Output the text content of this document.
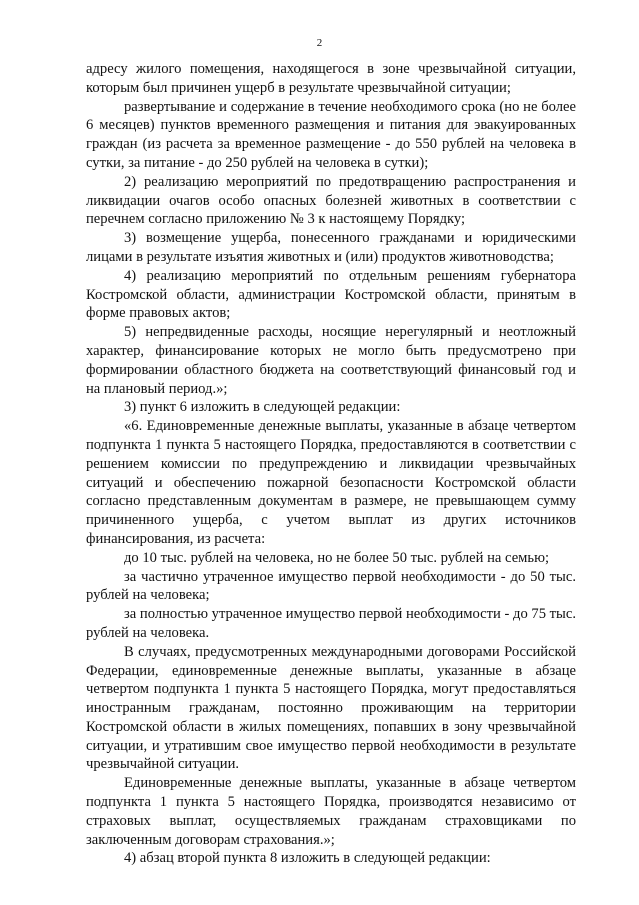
2

адресу жилого помещения, находящегося в зоне чрезвычайной ситуации, которым был причинен ущерб в результате чрезвычайной ситуации;

развертывание и содержание в течение необходимого срока (но не более 6 месяцев) пунктов временного размещения и питания для эвакуированных граждан (из расчета за временное размещение - до 550 рублей на человека в сутки, за питание - до 250 рублей на человека в сутки);

2) реализацию мероприятий по предотвращению распространения и ликвидации очагов особо опасных болезней животных в соответствии с перечнем согласно приложению № 3 к настоящему Порядку;

3) возмещение ущерба, понесенного гражданами и юридическими лицами в результате изъятия животных и (или) продуктов животноводства;

4) реализацию мероприятий по отдельным решениям губернатора Костромской области, администрации Костромской области, принятым в форме правовых актов;

5) непредвиденные расходы, носящие нерегулярный и неотложный характер, финансирование которых не могло быть предусмотрено при формировании областного бюджета на соответствующий финансовый год и на плановый период.»;

3) пункт 6 изложить в следующей редакции:

«6. Единовременные денежные выплаты, указанные в абзаце четвертом подпункта 1 пункта 5 настоящего Порядка, предоставляются в соответствии с решением комиссии по предупреждению и ликвидации чрезвычайных ситуаций и обеспечению пожарной безопасности Костромской области согласно представленным документам в размере, не превышающем сумму причиненного ущерба, с учетом выплат из других источников финансирования, из расчета:

до 10 тыс. рублей на человека, но не более 50 тыс. рублей на семью;

за частично утраченное имущество первой необходимости - до 50 тыс. рублей на человека;

за полностью утраченное имущество первой необходимости - до 75 тыс. рублей на человека.

В случаях, предусмотренных международными договорами Российской Федерации, единовременные денежные выплаты, указанные в абзаце четвертом подпункта 1 пункта 5 настоящего Порядка, могут предоставляться иностранным гражданам, постоянно проживающим на территории Костромской области в жилых помещениях, попавших в зону чрезвычайной ситуации, и утратившим свое имущество первой необходимости в результате чрезвычайной ситуации.

Единовременные денежные выплаты, указанные в абзаце четвертом подпункта 1 пункта 5 настоящего Порядка, производятся независимо от страховых выплат, осуществляемых гражданам страховщиками по заключенным договорам страхования.»;

4) абзац второй пункта 8 изложить в следующей редакции:
